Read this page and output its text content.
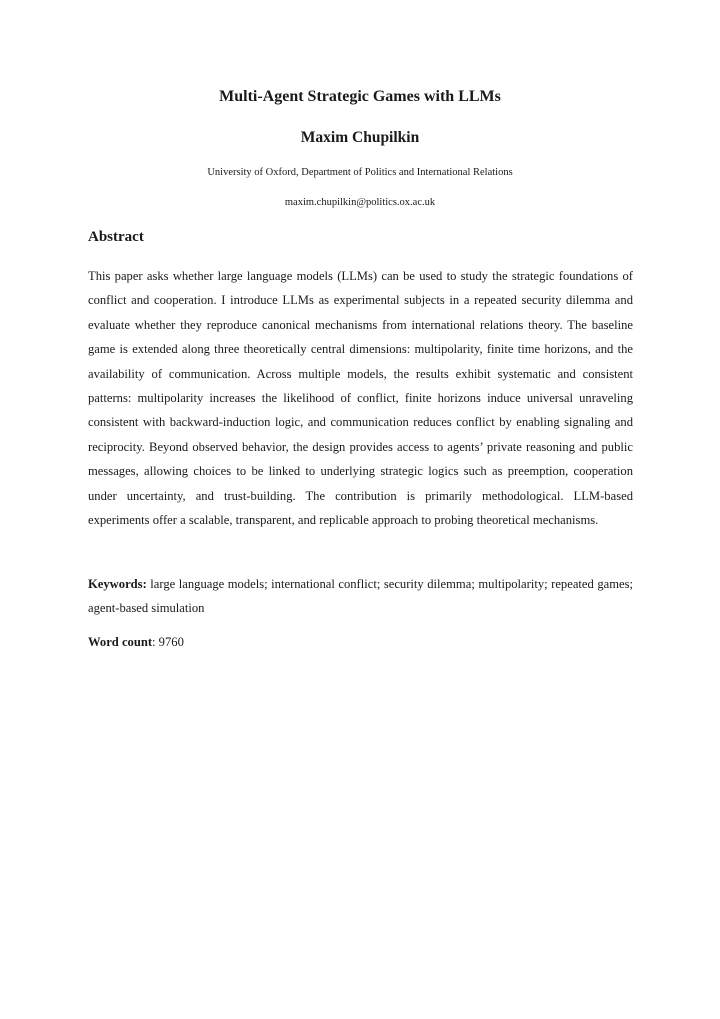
Multi-Agent Strategic Games with LLMs
Maxim Chupilkin
University of Oxford, Department of Politics and International Relations
maxim.chupilkin@politics.ox.ac.uk
Abstract

This paper asks whether large language models (LLMs) can be used to study the strategic foundations of conflict and cooperation. I introduce LLMs as experimental subjects in a repeated security dilemma and evaluate whether they reproduce canonical mechanisms from international relations theory. The baseline game is extended along three theoretically central dimensions: multipolarity, finite time horizons, and the availability of communication. Across multiple models, the results exhibit systematic and consistent patterns: multipolarity increases the likelihood of conflict, finite horizons induce universal unraveling consistent with backward-induction logic, and communication reduces conflict by enabling signaling and reciprocity. Beyond observed behavior, the design provides access to agents’ private reasoning and public messages, allowing choices to be linked to underlying strategic logics such as preemption, cooperation under uncertainty, and trust-building. The contribution is primarily methodological. LLM-based experiments offer a scalable, transparent, and replicable approach to probing theoretical mechanisms.

Keywords: large language models; international conflict; security dilemma; multipolarity; repeated games; agent-based simulation

Word count: 9760
